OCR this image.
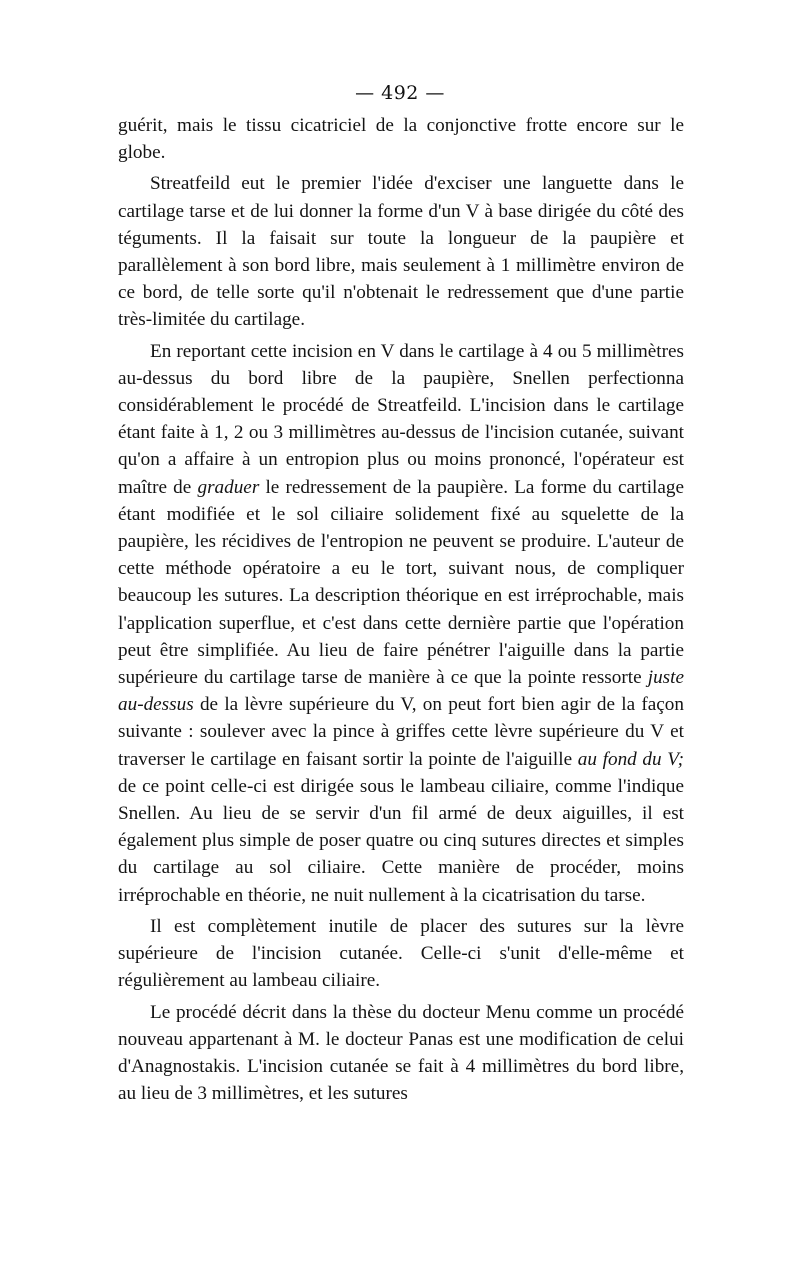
— 492 —

guérit, mais le tissu cicatriciel de la conjonctive frotte encore sur le globe.

Streatfeild eut le premier l'idée d'exciser une languette dans le cartilage tarse et de lui donner la forme d'un V à base dirigée du côté des téguments. Il la faisait sur toute la longueur de la paupière et parallèlement à son bord libre, mais seulement à 1 millimètre environ de ce bord, de telle sorte qu'il n'obtenait le redressement que d'une partie très-limitée du cartilage.

En reportant cette incision en V dans le cartilage à 4 ou 5 millimètres au-dessus du bord libre de la paupière, Snellen perfectionna considérablement le procédé de Streatfeild. L'incision dans le cartilage étant faite à 1, 2 ou 3 millimètres au-dessus de l'incision cutanée, suivant qu'on a affaire à un entropion plus ou moins prononcé, l'opérateur est maître de graduer le redressement de la paupière. La forme du cartilage étant modifiée et le sol ciliaire solidement fixé au squelette de la paupière, les récidives de l'entropion ne peuvent se produire. L'auteur de cette méthode opératoire a eu le tort, suivant nous, de compliquer beaucoup les sutures. La description théorique en est irréprochable, mais l'application superflue, et c'est dans cette dernière partie que l'opération peut être simplifiée. Au lieu de faire pénétrer l'aiguille dans la partie supérieure du cartilage tarse de manière à ce que la pointe ressorte juste au-dessus de la lèvre supérieure du V, on peut fort bien agir de la façon suivante : soulever avec la pince à griffes cette lèvre supérieure du V et traverser le cartilage en faisant sortir la pointe de l'aiguille au fond du V; de ce point celle-ci est dirigée sous le lambeau ciliaire, comme l'indique Snellen. Au lieu de se servir d'un fil armé de deux aiguilles, il est également plus simple de poser quatre ou cinq sutures directes et simples du cartilage au sol ciliaire. Cette manière de procéder, moins irréprochable en théorie, ne nuit nullement à la cicatrisation du tarse.

Il est complètement inutile de placer des sutures sur la lèvre supérieure de l'incision cutanée. Celle-ci s'unit d'elle-même et régulièrement au lambeau ciliaire.

Le procédé décrit dans la thèse du docteur Menu comme un procédé nouveau appartenant à M. le docteur Panas est une modification de celui d'Anagnostakis. L'incision cutanée se fait à 4 millimètres du bord libre, au lieu de 3 millimètres, et les sutures
